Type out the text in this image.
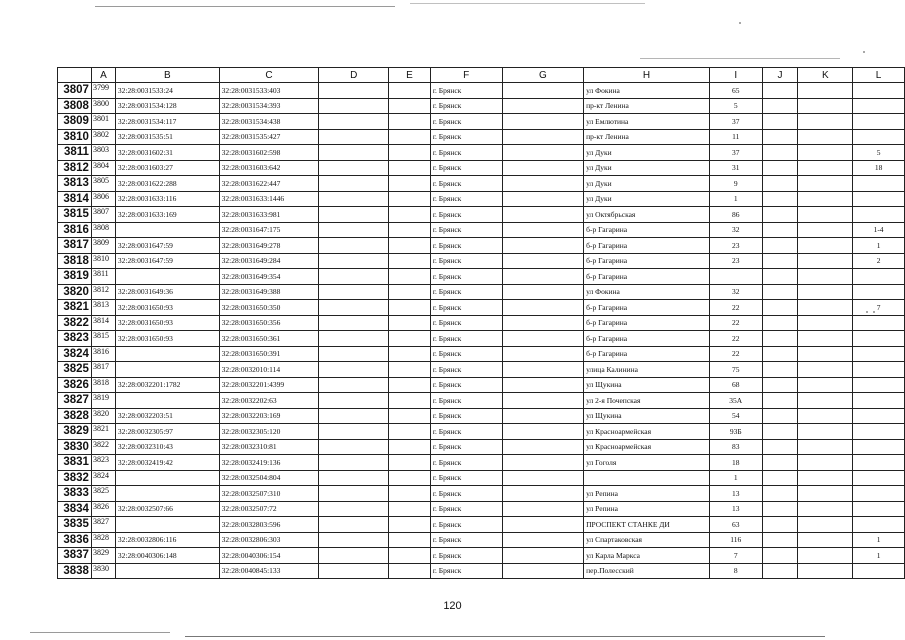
	A	B	C	D	E	F	G	H	I	J	K	L
3807	3799	32:28:0031533:24	32:28:0031533:403			г. Брянск		ул Фокина	65			
3808	3800	32:28:0031534:128	32:28:0031534:393			г. Брянск		пр-кт Ленина	5			
3809	3801	32:28:0031534:117	32:28:0031534:438			г. Брянск		ул Емлютина	37			
3810	3802	32:28:0031535:51	32:28:0031535:427			г. Брянск		пр-кт Ленина	11			
3811	3803	32:28:0031602:31	32:28:0031602:598			г. Брянск		ул Дуки	37			5
3812	3804	32:28:0031603:27	32:28:0031603:642			г. Брянск		ул Дуки	31			18
3813	3805	32:28:0031622:288	32:28:0031622:447			г. Брянск		ул Дуки	9			
3814	3806	32:28:0031633:116	32:28:0031633:1446			г. Брянск		ул Дуки	1			
3815	3807	32:28:0031633:169	32:28:0031633:981			г. Брянск		ул Октябрьская	86			
3816	3808		32:28:0031647:175			г. Брянск		б-р Гагарина	32			1-4
3817	3809	32:28:0031647:59	32:28:0031649:278			г. Брянск		б-р Гагарина	23			1
3818	3810	32:28:0031647:59	32:28:0031649:284			г. Брянск		б-р Гагарина	23			2
3819	3811		32:28:0031649:354			г. Брянск		б-р Гагарина				
3820	3812	32:28:0031649:36	32:28:0031649:388			г. Брянск		ул Фокина	32			
3821	3813	32:28:0031650:93	32:28:0031650:350			г. Брянск		б-р Гагарина	22			7
3822	3814	32:28:0031650:93	32:28:0031650:356			г. Брянск		б-р Гагарина	22			
3823	3815	32:28:0031650:93	32:28:0031650:361			г. Брянск		б-р Гагарина	22			
3824	3816		32:28:0031650:391			г. Брянск		б-р Гагарина	22			
3825	3817		32:28:0032010:114			г. Брянск		улица Калинина	75			
3826	3818	32:28:0032201:1782	32:28:0032201:4399			г. Брянск		ул Щукина	68			
3827	3819		32:28:0032202:63			г. Брянск		ул 2-я Почепская	35А			
3828	3820	32:28:0032203:51	32:28:0032203:169			г. Брянск		ул Щукина	54			
3829	3821	32:28:0032305:97	32:28:0032305:120			г. Брянск		ул Красноармейская	93Б			
3830	3822	32:28:0032310:43	32:28:0032310:81			г. Брянск		ул Красноармейская	83			
3831	3823	32:28:0032419:42	32:28:0032419:136			г. Брянск		ул Гоголя	18			
3832	3824		32:28:0032504:804			г. Брянск			1			
3833	3825		32:28:0032507:310			г. Брянск		ул Репина	13			
3834	3826	32:28:0032507:66	32:28:0032507:72			г. Брянск		ул Репина	13			
3835	3827		32:28:0032803:596			г. Брянск		ПРОСПЕКТ СТАНКЕ ДИ	63			
3836	3828	32:28:0032806:116	32:28:0032806:303			г. Брянск		ул Спартаковская	116			1
3837	3829	32:28:0040306:148	32:28:0040306:154			г. Брянск		ул Карла Маркса	7			1
3838	3830		32:28:0040845:133			г. Брянск		пер.Полесский	8			
120
